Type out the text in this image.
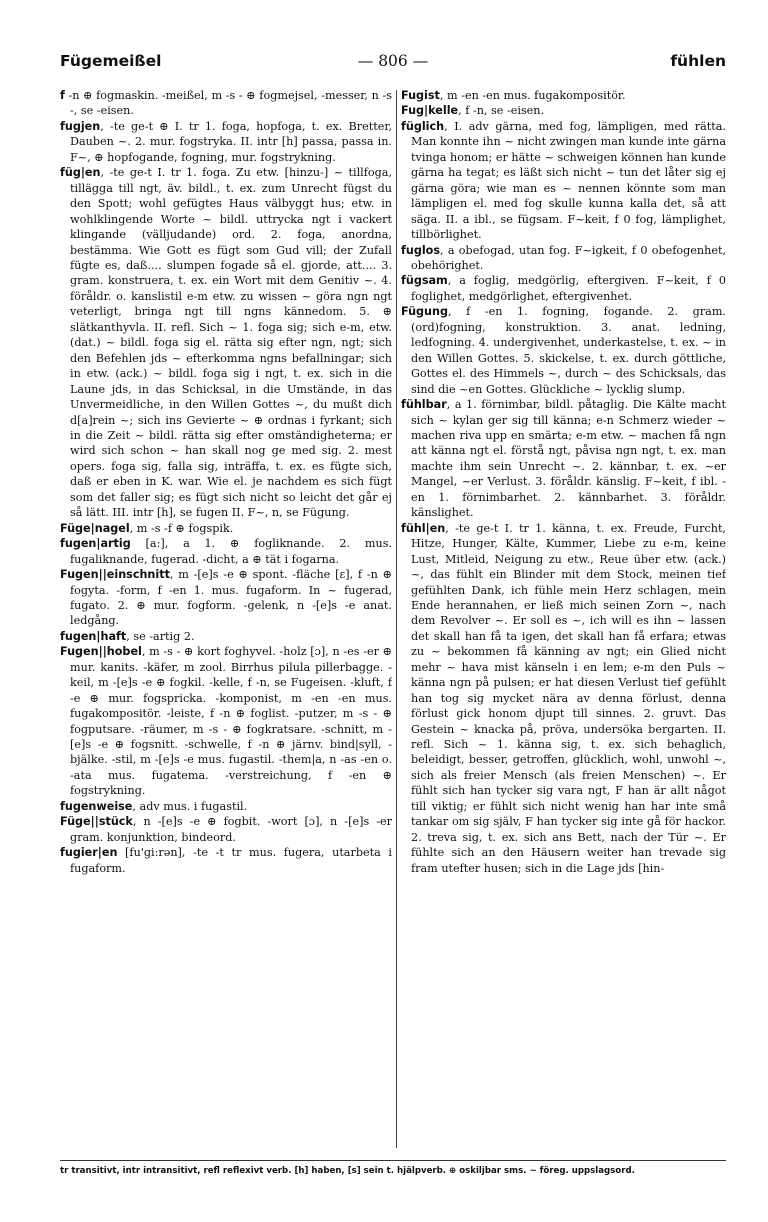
Fügemeißel	— 806 —	fühlen

f -n ⊕ fogmaskin. -meißel, m -s - ⊕ fogmejsel, -messer, n -s -, se -eisen.

fugjen, -te ge-t ⊕ I. tr 1. foga, hopfoga, t. ex. Bretter, Dauben ~. 2. mur. fogstryka. II. intr [h] passa, passa in. F~, ⊕ hopfogande, fogning, mur. fogstrykning.

füg|en, -te ge-t I. tr 1. foga. Zu etw. [hinzu-] ~ tillfoga, tillägga till ngt, äv. bildl., t. ex. zum Unrecht fügst du den Spott; wohl gefügtes Haus välbyggt hus; etw. in wohlklingende Worte ~ bildl. uttrycka ngt i vackert klingande (välljudande) ord. 2. foga, anordna, bestämma. Wie Gott es fügt som Gud vill; der Zufall fügte es, daß.... slumpen fogade så el. gjorde, att.... 3. gram. konstruera, t. ex. ein Wort mit dem Genitiv ~. 4. föråldr. o. kanslistil e-m etw. zu wissen ~ göra ngn ngt veterligt, bringa ngt till ngns kännedom. 5. ⊕ slätkanthyvla. II. refl. Sich ~ 1. foga sig; sich e-m, etw. (dat.) ~ bildl. foga sig el. rätta sig efter ngn, ngt; sich den Befehlen jds ~ efterkomma ngns befallningar; sich in etw. (ack.) ~ bildl. foga sig i ngt, t. ex. sich in die Laune jds, in das Schicksal, in die Umstände, in das Unvermeidliche, in den Willen Gottes ~, du mußt dich d[a]rein ~; sich ins Gevierte ~ ⊕ ordnas i fyrkant; sich in die Zeit ~ bildl. rätta sig efter omständigheterna; er wird sich schon ~ han skall nog ge med sig. 2. mest opers. foga sig, falla sig, inträffa, t. ex. es fügte sich, daß er eben in K. war. Wie el. je nachdem es sich fügt som det faller sig; es fügt sich nicht so leicht det går ej så lätt. III. intr [h], se fugen II. F~, n, se Fügung.

Füge|nagel, m -s -f ⊕ fogspik.

fugen|artig [a:], a 1. ⊕ fogliknande. 2. mus. fugaliknande, fugerad. -dicht, a ⊕ tät i fogarna.

Fugen||einschnitt, m -[e]s -e ⊕ spont. -fläche [ɛ], f -n ⊕ fogyta. -form, f -en 1. mus. fugaform. In ~ fugerad, fugato. 2. ⊕ mur. fogform. -gelenk, n -[e]s -e anat. ledgång.

fugen|haft, se -artig 2.

Fugen||hobel, m -s - ⊕ kort foghyvel. -holz [ɔ], n -es -er ⊕ mur. kanits. -käfer, m zool. Birrhus pilula pillerbagge. -keil, m -[e]s -e ⊕ fogkil. -kelle, f -n, se Fugeisen. -kluft, f -e ⊕ mur. fogspricka. -komponist, m -en -en mus. fugakompositör. -leiste, f -n ⊕ foglist. -putzer, m -s - ⊕ fogputsare. -räumer, m -s - ⊕ fogkratsare. -schnitt, m -[e]s -e ⊕ fogsnitt. -schwelle, f -n ⊕ järnv. bind|syll, -bjälke. -stil, m -[e]s -e mus. fugastil. -them|a, n -as -en o. -ata mus. fugatema. -verstreichung, f -en ⊕ fogstrykning.

fugenweise, adv mus. i fugastil.

Füge||stück, n -[e]s -e ⊕ fogbit. -wort [ɔ], n -[e]s -er gram. konjunktion, bindeord.

fugier|en [fu'gi:rən], -te -t tr mus. fugera, utarbeta i fugaform.

Fugist, m -en -en mus. fugakompositör.

Fug|kelle, f -n, se -eisen.

füglich, I. adv gärna, med fog, lämpligen, med rätta. Man konnte ihn ~ nicht zwingen man kunde inte gärna tvinga honom; er hätte ~ schweigen können han kunde gärna ha tegat; es läßt sich nicht ~ tun det låter sig ej gärna göra; wie man es ~ nennen könnte som man lämpligen el. med fog skulle kunna kalla det, så att säga. II. a ibl., se fügsam. F~keit, f 0 fog, lämplighet, tillbörlighet.

fuglos, a obefogad, utan fog. F~igkeit, f 0 obefogenhet, obehörighet.

fügsam, a foglig, medgörlig, eftergiven. F~keit, f 0 foglighet, medgörlighet, eftergivenhet.

Fügung, f -en 1. fogning, fogande. 2. gram. (ord)fogning, konstruktion. 3. anat. ledning, ledfogning. 4. undergivenhet, underkastelse, t. ex. ~ in den Willen Gottes. 5. skickelse, t. ex. durch göttliche, Gottes el. des Himmels ~, durch ~ des Schicksals, das sind die ~en Gottes. Glückliche ~ lycklig slump.

fühlbar, a 1. förnimbar, bildl. påtaglig. Die Kälte macht sich ~ kylan ger sig till känna; e-n Schmerz wieder ~ machen riva upp en smärta; e-m etw. ~ machen få ngn att känna ngt el. förstå ngt, påvisa ngn ngt, t. ex. man machte ihm sein Unrecht ~. 2. kännbar, t. ex. ~er Mangel, ~er Verlust. 3. föråldr. känslig. F~keit, f ibl. -en 1. förnimbarhet. 2. kännbarhet. 3. föråldr. känslighet.

fühl|en, -te ge-t I. tr 1. känna, t. ex. Freude, Furcht, Hitze, Hunger, Kälte, Kummer, Liebe zu e-m, keine Lust, Mitleid, Neigung zu etw., Reue über etw. (ack.) ~, das fühlt ein Blinder mit dem Stock, meinen tief gefühlten Dank, ich fühle mein Herz schlagen, mein Ende herannahen, er ließ mich seinen Zorn ~, nach dem Revolver ~. Er soll es ~, ich will es ihn ~ lassen det skall han få ta igen, det skall han få erfara; etwas zu ~ bekommen få känning av ngt; ein Glied nicht mehr ~ hava mist känseln i en lem; e-m den Puls ~ känna ngn på pulsen; er hat diesen Verlust tief gefühlt han tog sig mycket nära av denna förlust, denna förlust gick honom djupt till sinnes. 2. gruvt. Das Gestein ~ knacka på, pröva, undersöka bergarten. II. refl. Sich ~ 1. känna sig, t. ex. sich behaglich, beleidigt, besser, getroffen, glücklich, wohl, unwohl ~, sich als freier Mensch (als freien Menschen) ~. Er fühlt sich han tycker sig vara ngt, F han är allt något till viktig; er fühlt sich nicht wenig han har inte små tankar om sig själv, F han tycker sig inte gå för hackor. 2. treva sig, t. ex. sich ans Bett, nach der Tür ~. Er fühlte sich an den Häusern weiter han trevade sig fram utefter husen; sich in die Lage jds [hin-

tr transitivt, intr intransitivt, refl reflexivt verb. [h] haben, [s] sein t. hjälpverb. ⊕ oskiljbar sms. ~ föreg. uppslagsord.
